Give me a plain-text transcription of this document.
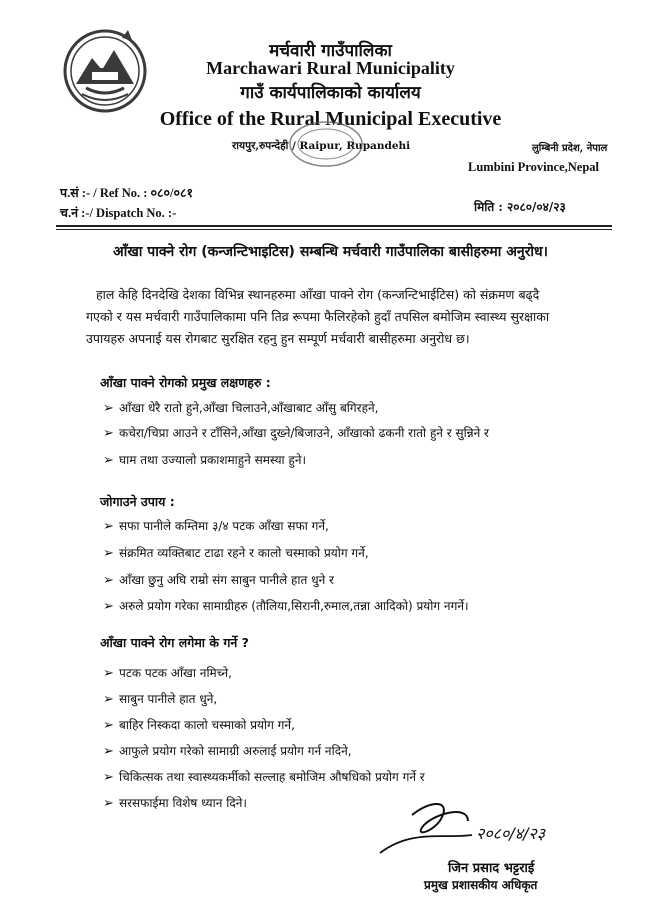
मर्चवारी गाउँपालिका
Marchawari Rural Municipality
गाउँ कार्यपालिकाको कार्यालय
Office of the Rural Municipal Executive
रायपुर,रुपन्देही / Raipur, Rupandehi	लुम्बिनी प्रदेश, नेपाल
Lumbini Province,Nepal
प.सं :- / Ref No. : ०८०/०८१
च.नं :-/ Dispatch No. :-	मिति : २०८०/०४/२३
आँखा पाक्ने रोग (कन्जन्टिभाइटिस) सम्बन्धि मर्चवारी गाउँपालिका बासीहरुमा अनुरोध।
हाल केहि दिनदेखि देशका विभिन्न स्थानहरुमा आँखा पाक्ने रोग (कन्जन्टिभाईटिस) को संक्रमण बढ्दै
गएको र यस मर्चवारी गाउँपालिकामा पनि तिव्र रूपमा फैलिरहेको हुदाँ तपसिल बमोजिम स्वास्थ्य सुरक्षाका
उपायहरु अपनाई यस रोगबाट सुरक्षित रहनु हुन सम्पूर्ण मर्चवारी बासीहरुमा अनुरोध छ।
आँखा पाक्ने रोगको प्रमुख लक्षणहरु :
➢ आँखा धेरै रातो हुने,आँखा चिलाउने,आँखाबाट आँसु बगिरहने,
➢ कचेरा/चिप्रा आउने र टाँसिने,आँखा दुख्ने/बिजाउने, आँखाको ढकनी रातो हुने र सुन्निने र
➢ घाम तथा उज्यालो प्रकाशमाहुने समस्या हुने।
जोगाउने उपाय :
➢ सफा पानीले कम्तिमा ३/४ पटक आँखा सफा गर्ने,
➢ संक्रमित व्यक्तिबाट टाढा रहने र कालो चस्माको प्रयोग गर्ने,
➢ आँखा छुनु अघि राम्रो संग साबुन पानीले हात धुने र
➢ अरुले प्रयोग गरेका सामाग्रीहरु (तौलिया,सिरानी,रुमाल,तन्ना आदिको) प्रयोग नगर्ने।
आँखा पाक्ने रोग लगेमा के गर्ने ?
➢ पटक पटक आँखा नमिच्ने,
➢ साबुन पानीले हात धुने,
➢ बाहिर निस्कदा कालो चस्माको प्रयोग गर्ने,
➢ आफुले प्रयोग गरेको सामाग्री अरुलाई प्रयोग गर्न नदिने,
➢ चिकित्सक तथा स्वास्थ्यकर्मीको सल्लाह बमोजिम औषधिको प्रयोग गर्ने र
➢ सरसफाईमा विशेष ध्यान दिने।
२०८०/४/२३
जिन प्रसाद भट्टराई
प्रमुख प्रशासकीय अधिकृत
